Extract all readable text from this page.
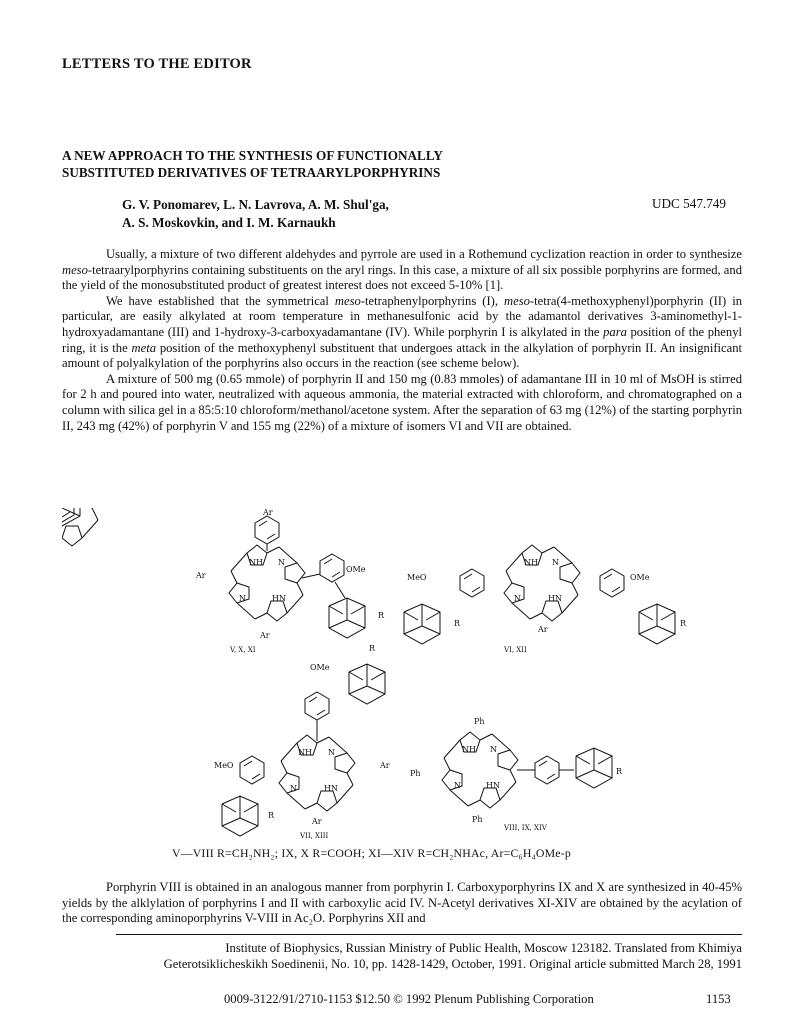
LETTERS TO THE EDITOR
A NEW APPROACH TO THE SYNTHESIS OF FUNCTIONALLY
SUBSTITUTED DERIVATIVES OF TETRAARYLPORPHYRINS
G. V. Ponomarev, L. N. Lavrova, A. M. Shul'ga,
A. S. Moskovkin, and I. M. Karnaukh
UDC 547.749

Usually, a mixture of two different aldehydes and pyrrole are used in a Rothemund cyclization reaction in order to synthesize meso-tetraarylporphyrins containing substituents on the aryl rings. In this case, a mixture of all six possible porphyrins are formed, and the yield of the monosubstituted product of greatest interest does not exceed 5-10% [1].

We have established that the symmetrical meso-tetraphenylporphyrins (I), meso-tetra(4-methoxyphenyl)porphyrin (II) in particular, are easily alkylated at room temperature in methanesulfonic acid by the adamantol derivatives 3-aminomethyl-1-hydroxyadamantane (III) and 1-hydroxy-3-carboxyadamantane (IV). While porphyrin I is alkylated in the para position of the phenyl ring, it is the meta position of the methoxyphenyl substituent that undergoes attack in the alkylation of porphyrin II. An insignificant amount of polyalkylation of the porphyrins also occurs in the reaction (see scheme below).

A mixture of 500 mg (0.65 mmole) of porphyrin II and 150 mg (0.83 mmoles) of adamantane III in 10 ml of MsOH is stirred for 2 h and poured into water, neutralized with aqueous ammonia, the material extracted with chloroform, and chromatographed on a column with silica gel in a 85:5:10 chloroform/methanol/acetone system. After the separation of 63 mg (12%) of the starting porphyrin II, 243 mg (42%) of porphyrin V and 155 mg (22%) of a mixture of isomers VI and VII are obtained.

Ar
Ar
Ar
NH
HN
N
N
OMe
R
V, X, XI
MeO	OMe
NH
HN
N
N
Ar
R	R
VI, XII
OMe
R
MeO
R
NH
HN
N
N
Ar
Ar
VII, XIII
Ph
Ph
Ph
NH
HN
N
N
R
VIII, IX, XIV
V—VIII R=CH₂NH₂; IX, X R=COOH; XI—XIV R=CH₂NHAc, Ar=C₆H₄OMe-p

Porphyrin VIII is obtained in an analogous manner from porphyrin I. Carboxyporphyrins IX and X are synthesized in 40-45% yields by the alklylation of porphyrins I and II with carboxylic acid IV. N-Acetyl derivatives XI-XIV are obtained by the acylation of the corresponding aminoporphyrins V-VIII in Ac₂O. Porphyrins XII and

Institute of Biophysics, Russian Ministry of Public Health, Moscow 123182. Translated from Khimiya

Geterotsiklicheskikh Soedinenii, No. 10, pp. 1428-1429, October, 1991. Original article submitted March 28, 1991

0009-3122/91/2710-1153 $12.50 © 1992 Plenum Publishing Corporation	1153
